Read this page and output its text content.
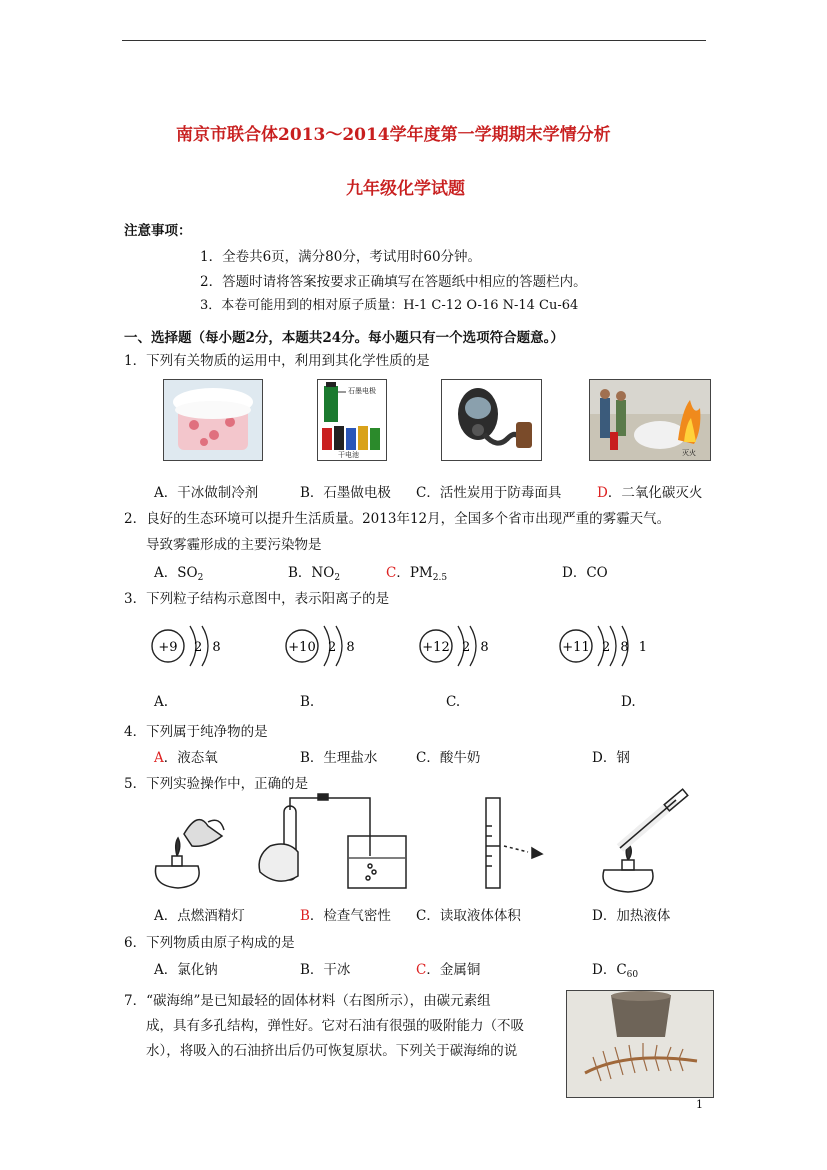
南京市联合体2013～2014学年度第一学期期末学情分析
九年级化学试题
注意事项：
1．全卷共6页，满分80分，考试用时60分钟。
2．答题时请将答案按要求正确填写在答题纸中相应的答题栏内。
3．本卷可能用到的相对原子质量：H-1 C-12 O-16 N-14 Cu-64
一、选择题（每小题2分，本题共24分。每小题只有一个选项符合题意。）
1．下列有关物质的运用中，利用到其化学性质的是
石墨电极
干电池	灭火
A．干冰做制冷剂	B．石墨做电极 C．活性炭用于防毒面具	D．二氧化碳灭火
2．良好的生态环境可以提升生活质量。2013年12月，全国多个省市出现严重的雾霾天气。
导致雾霾形成的主要污染物是
A．$SO_2$	B．$NO_2$	C．$PM_{2.5}$	D．CO
3．下列粒子结构示意图中，表示阳离子的是
+9 2 8	+10 2 8	+12 2 8	+11 2 8 1
A.	B.	C.	D.
4．下列属于纯净物的是
A．液态氧	B．生理盐水	C．酸牛奶	D．钢
5．下列实验操作中，正确的是
A．点燃酒精灯	B．检查气密性 C．读取液体体积	D．加热液体
6．下列物质由原子构成的是
A．氯化钠	B．干冰	C．金属铜	D．$C_{60}$
7．“碳海绵”是已知最轻的固体材料（右图所示），由碳元素组
成，具有多孔结构，弹性好。它对石油有很强的吸附能力（不吸
水），将吸入的石油挤出后仍可恢复原状。下列关于碳海绵的说
1
